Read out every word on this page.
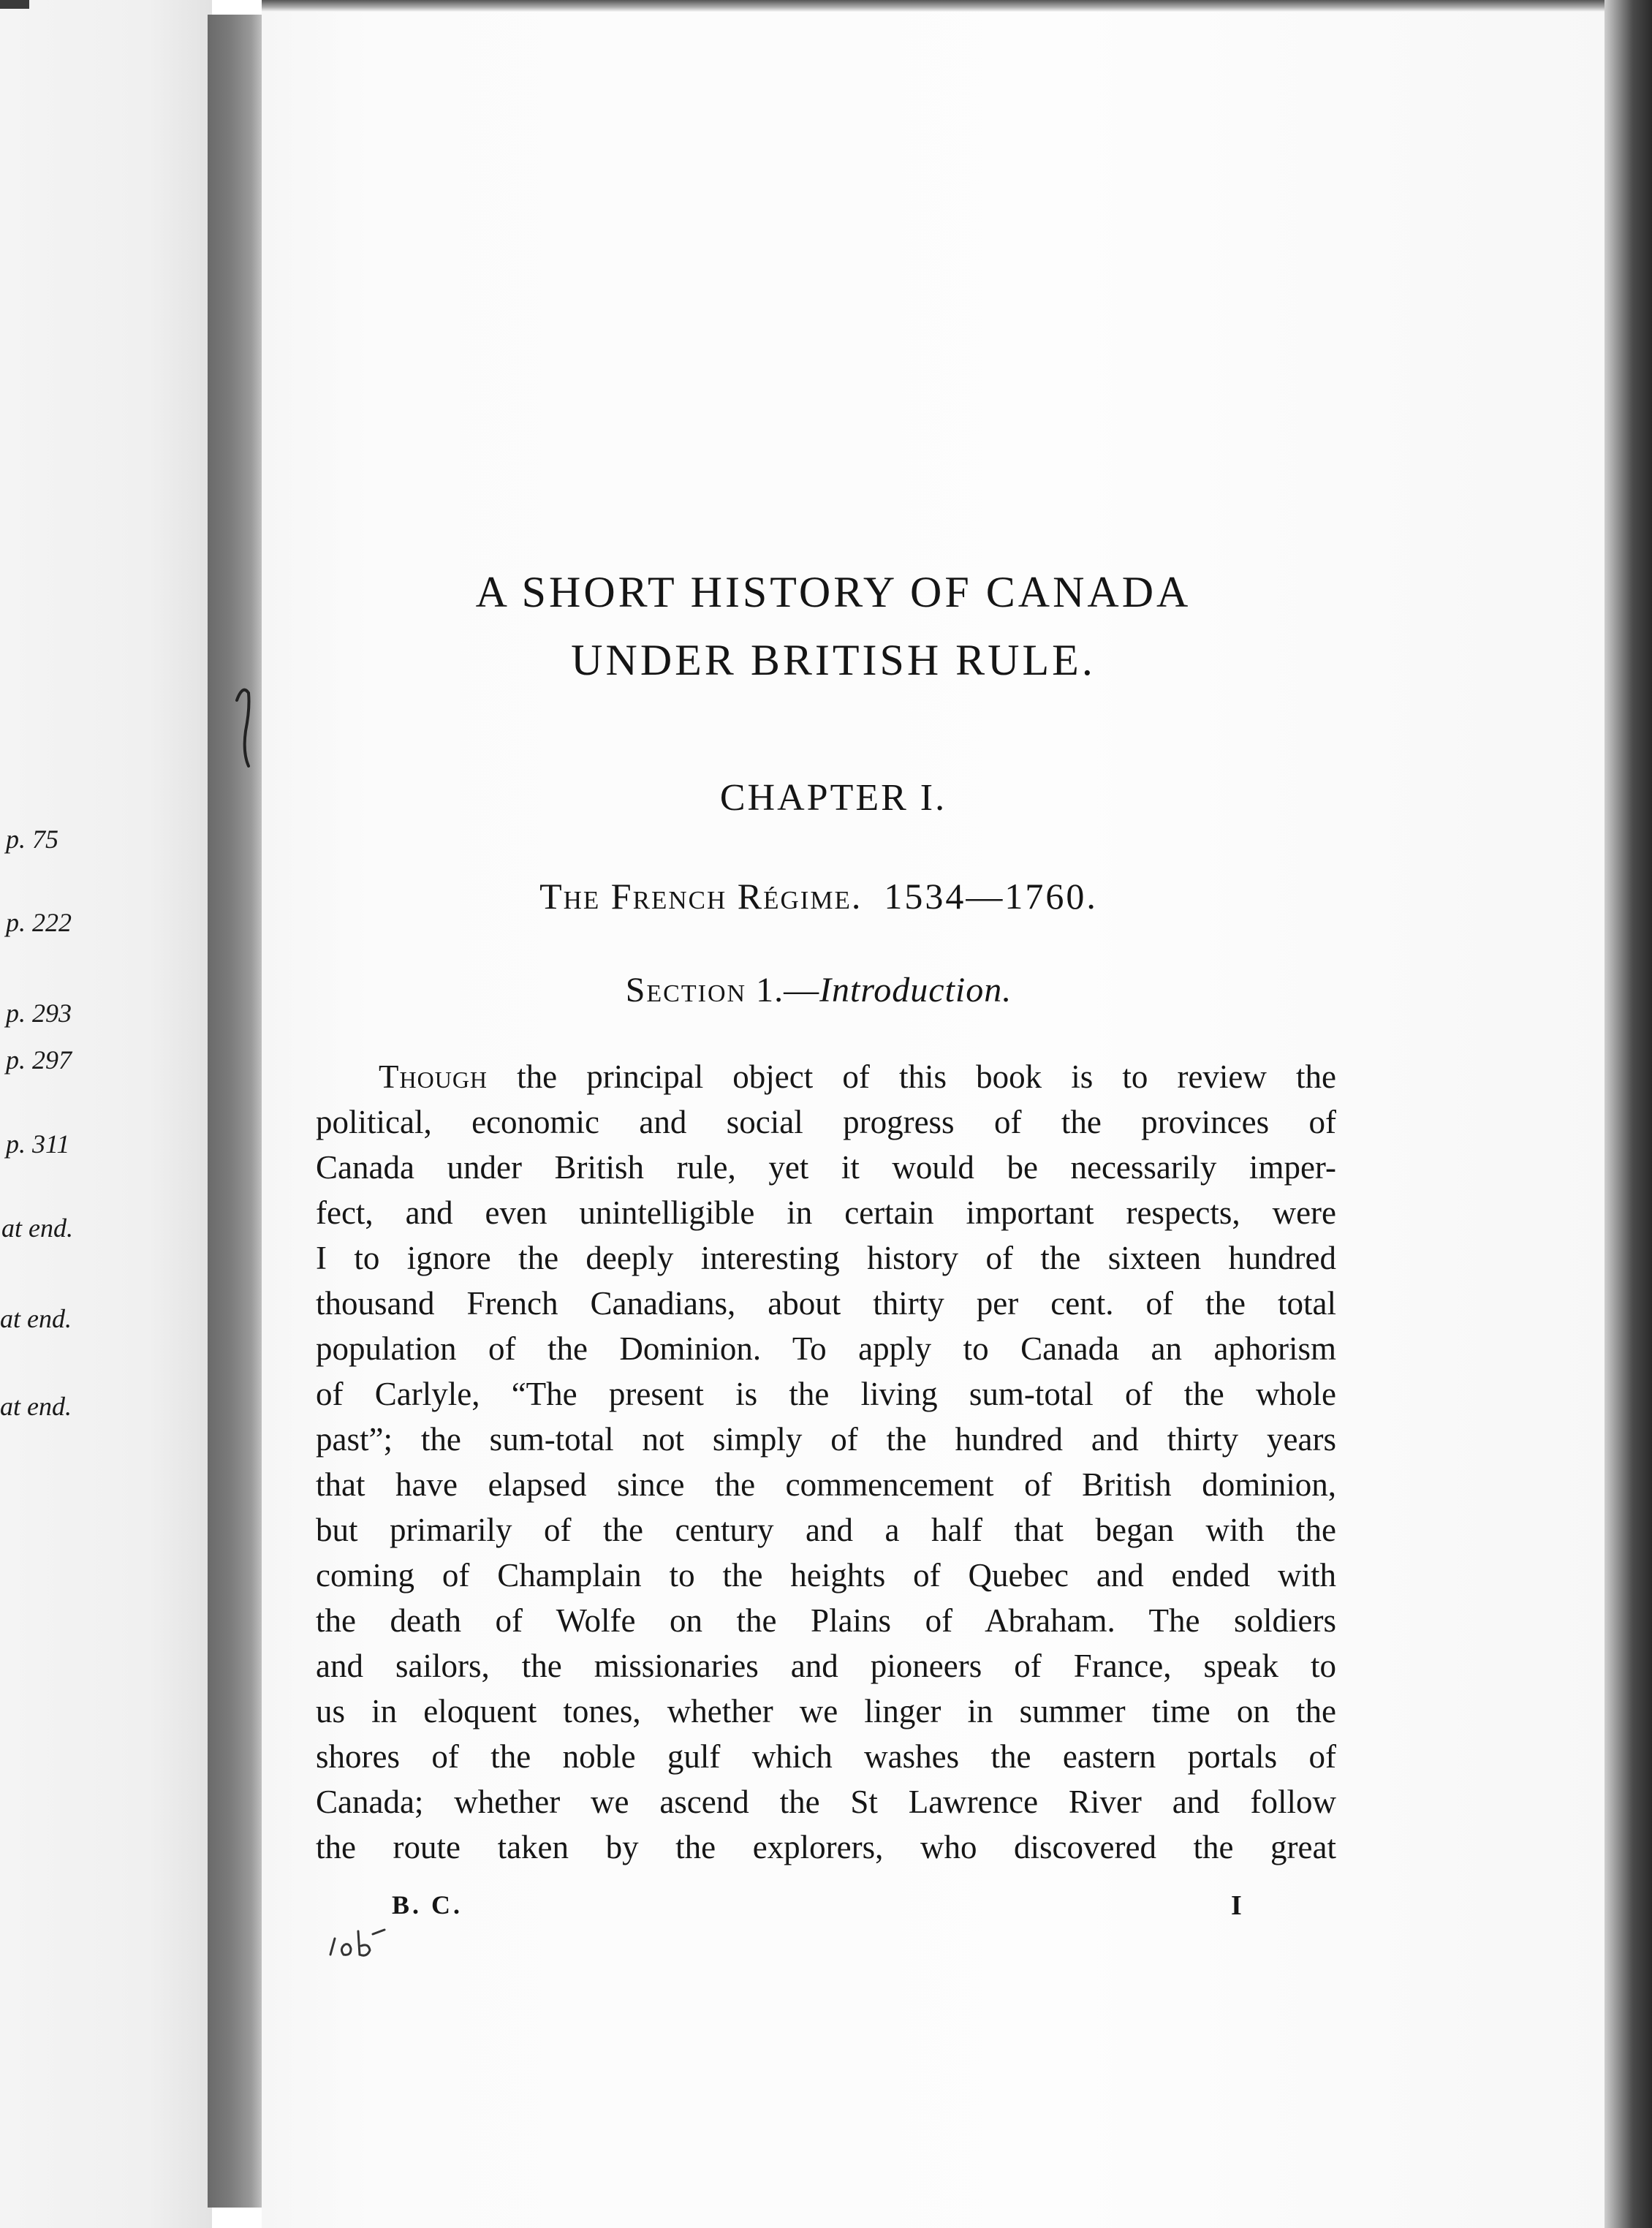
p. 75
p. 222
p. 293
p. 297
p. 311
at end.
at end.
at end.
A SHORT HISTORY OF CANADA
UNDER BRITISH RULE.
CHAPTER I.
The French Régime. 1534—1760.
Section 1.—Introduction.
Though the principal object of this book is to review the
political, economic and social progress of the provinces of
Canada under British rule, yet it would be necessarily imper-
fect, and even unintelligible in certain important respects, were
I to ignore the deeply interesting history of the sixteen hundred
thousand French Canadians, about thirty per cent. of the total
population of the Dominion. To apply to Canada an aphorism
of Carlyle, “The present is the living sum-total of the whole
past”; the sum-total not simply of the hundred and thirty years
that have elapsed since the commencement of British dominion,
but primarily of the century and a half that began with the
coming of Champlain to the heights of Quebec and ended with
the death of Wolfe on the Plains of Abraham. The soldiers
and sailors, the missionaries and pioneers of France, speak to
us in eloquent tones, whether we linger in summer time on the
shores of the noble gulf which washes the eastern portals of
Canada; whether we ascend the St Lawrence River and follow
the route taken by the explorers, who discovered the great
B. C.	I
